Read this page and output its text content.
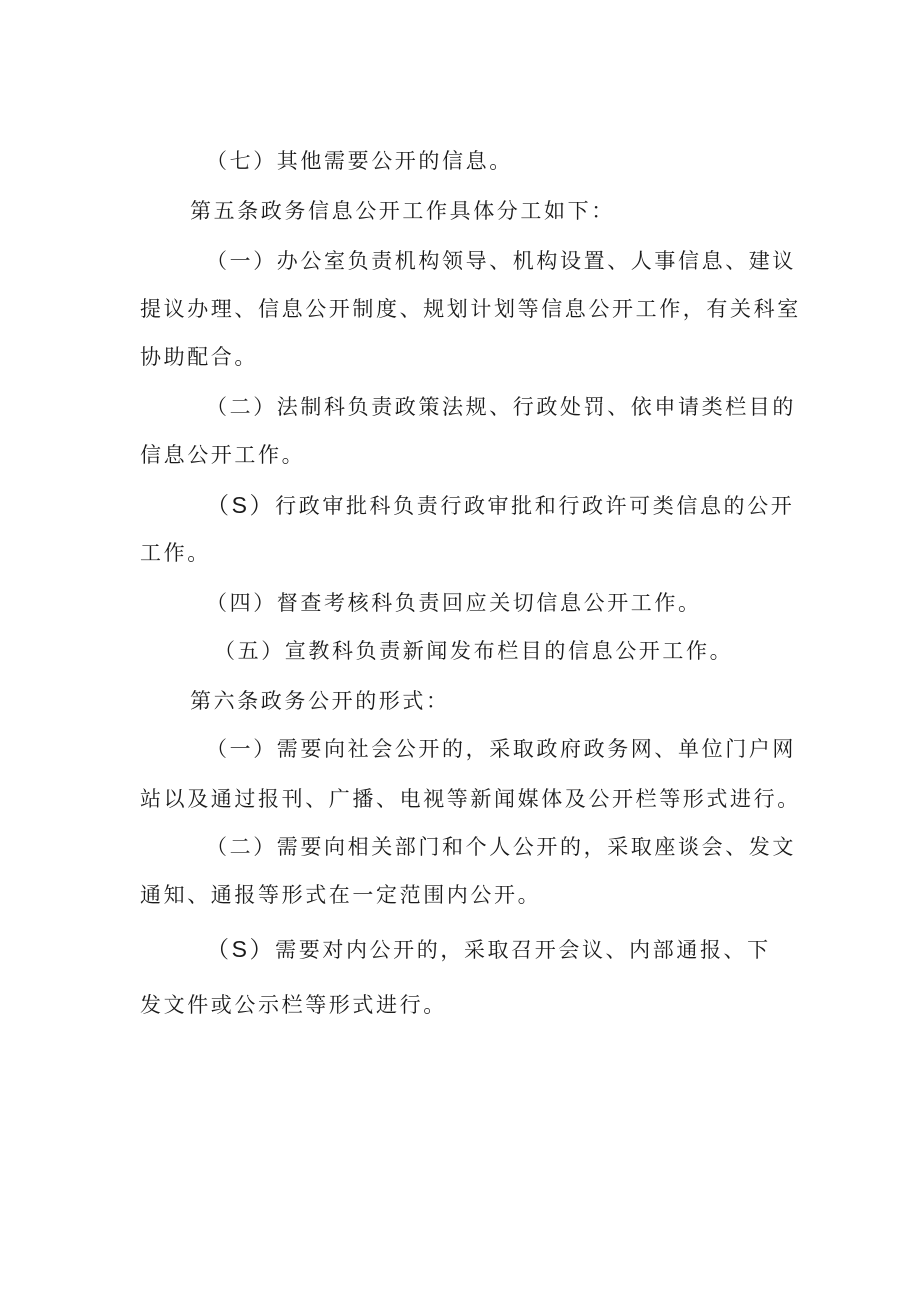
（七）其他需要公开的信息。
第五条政务信息公开工作具体分工如下：
（一）办公室负责机构领导、机构设置、人事信息、建议
提议办理、信息公开制度、规划计划等信息公开工作，有关科室
协助配合。
（二）法制科负责政策法规、行政处罚、依申请类栏目的
信息公开工作。
（S）行政审批科负责行政审批和行政许可类信息的公开
工作。
（四）督查考核科负责回应关切信息公开工作。
（五）宣教科负责新闻发布栏目的信息公开工作。
第六条政务公开的形式：
（一）需要向社会公开的，采取政府政务网、单位门户网
站以及通过报刊、广播、电视等新闻媒体及公开栏等形式进行。
（二）需要向相关部门和个人公开的，采取座谈会、发文
通知、通报等形式在一定范围内公开。
（S）需要对内公开的，采取召开会议、内部通报、下
发文件或公示栏等形式进行。
